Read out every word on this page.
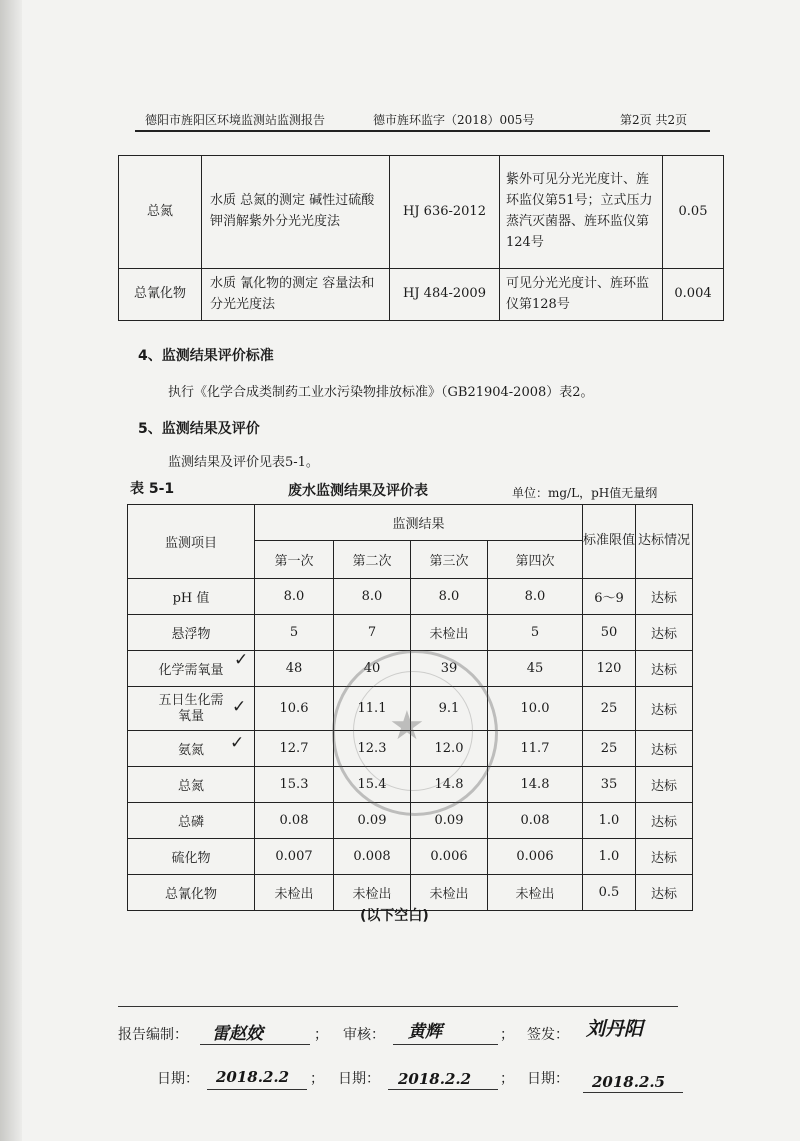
德阳市旌阳区环境监测站监测报告	德市旌环监字（2018）005号	第2页 共2页
总氮	水质 总氮的测定 碱性过硫酸钾消解紫外分光光度法	HJ 636-2012	紫外可见分光光度计、旌环监仪第51号；立式压力蒸汽灭菌器、旌环监仪第124号	0.05
总氰化物	水质 氰化物的测定 容量法和分光光度法	HJ 484-2009	可见分光光度计、旌环监仪第128号	0.004
4、监测结果评价标准
执行《化学合成类制药工业水污染物排放标准》（GB21904-2008）表2。
5、监测结果及评价
监测结果及评价见表5-1。
表 5-1	废水监测结果及评价表	单位：mg/L，pH值无量纲
监测项目	监测结果				标准限值	达标情况
	第一次	第二次	第三次	第四次		
pH 值	8.0	8.0	8.0	8.0	6～9	达标
悬浮物	5	7	未检出	5	50	达标
化学需氧量	48	40	39	45	120	达标
五日生化需氧量	10.6	11.1	9.1	10.0	25	达标
氨氮	12.7	12.3	12.0	11.7	25	达标
总氮	15.3	15.4	14.8	14.8	35	达标
总磷	0.08	0.09	0.09	0.08	1.0	达标
硫化物	0.007	0.008	0.006	0.006	1.0	达标
总氰化物	未检出	未检出	未检出	未检出	0.5	达标
★
✓
✓
✓
(以下空白)
报告编制： 雷赵姣	； 审核： 黄辉	； 签发： 刘丹阳
日期： 2018.2.2 ； 日期： 2018.2.2 ； 日期： 2018.2.5
